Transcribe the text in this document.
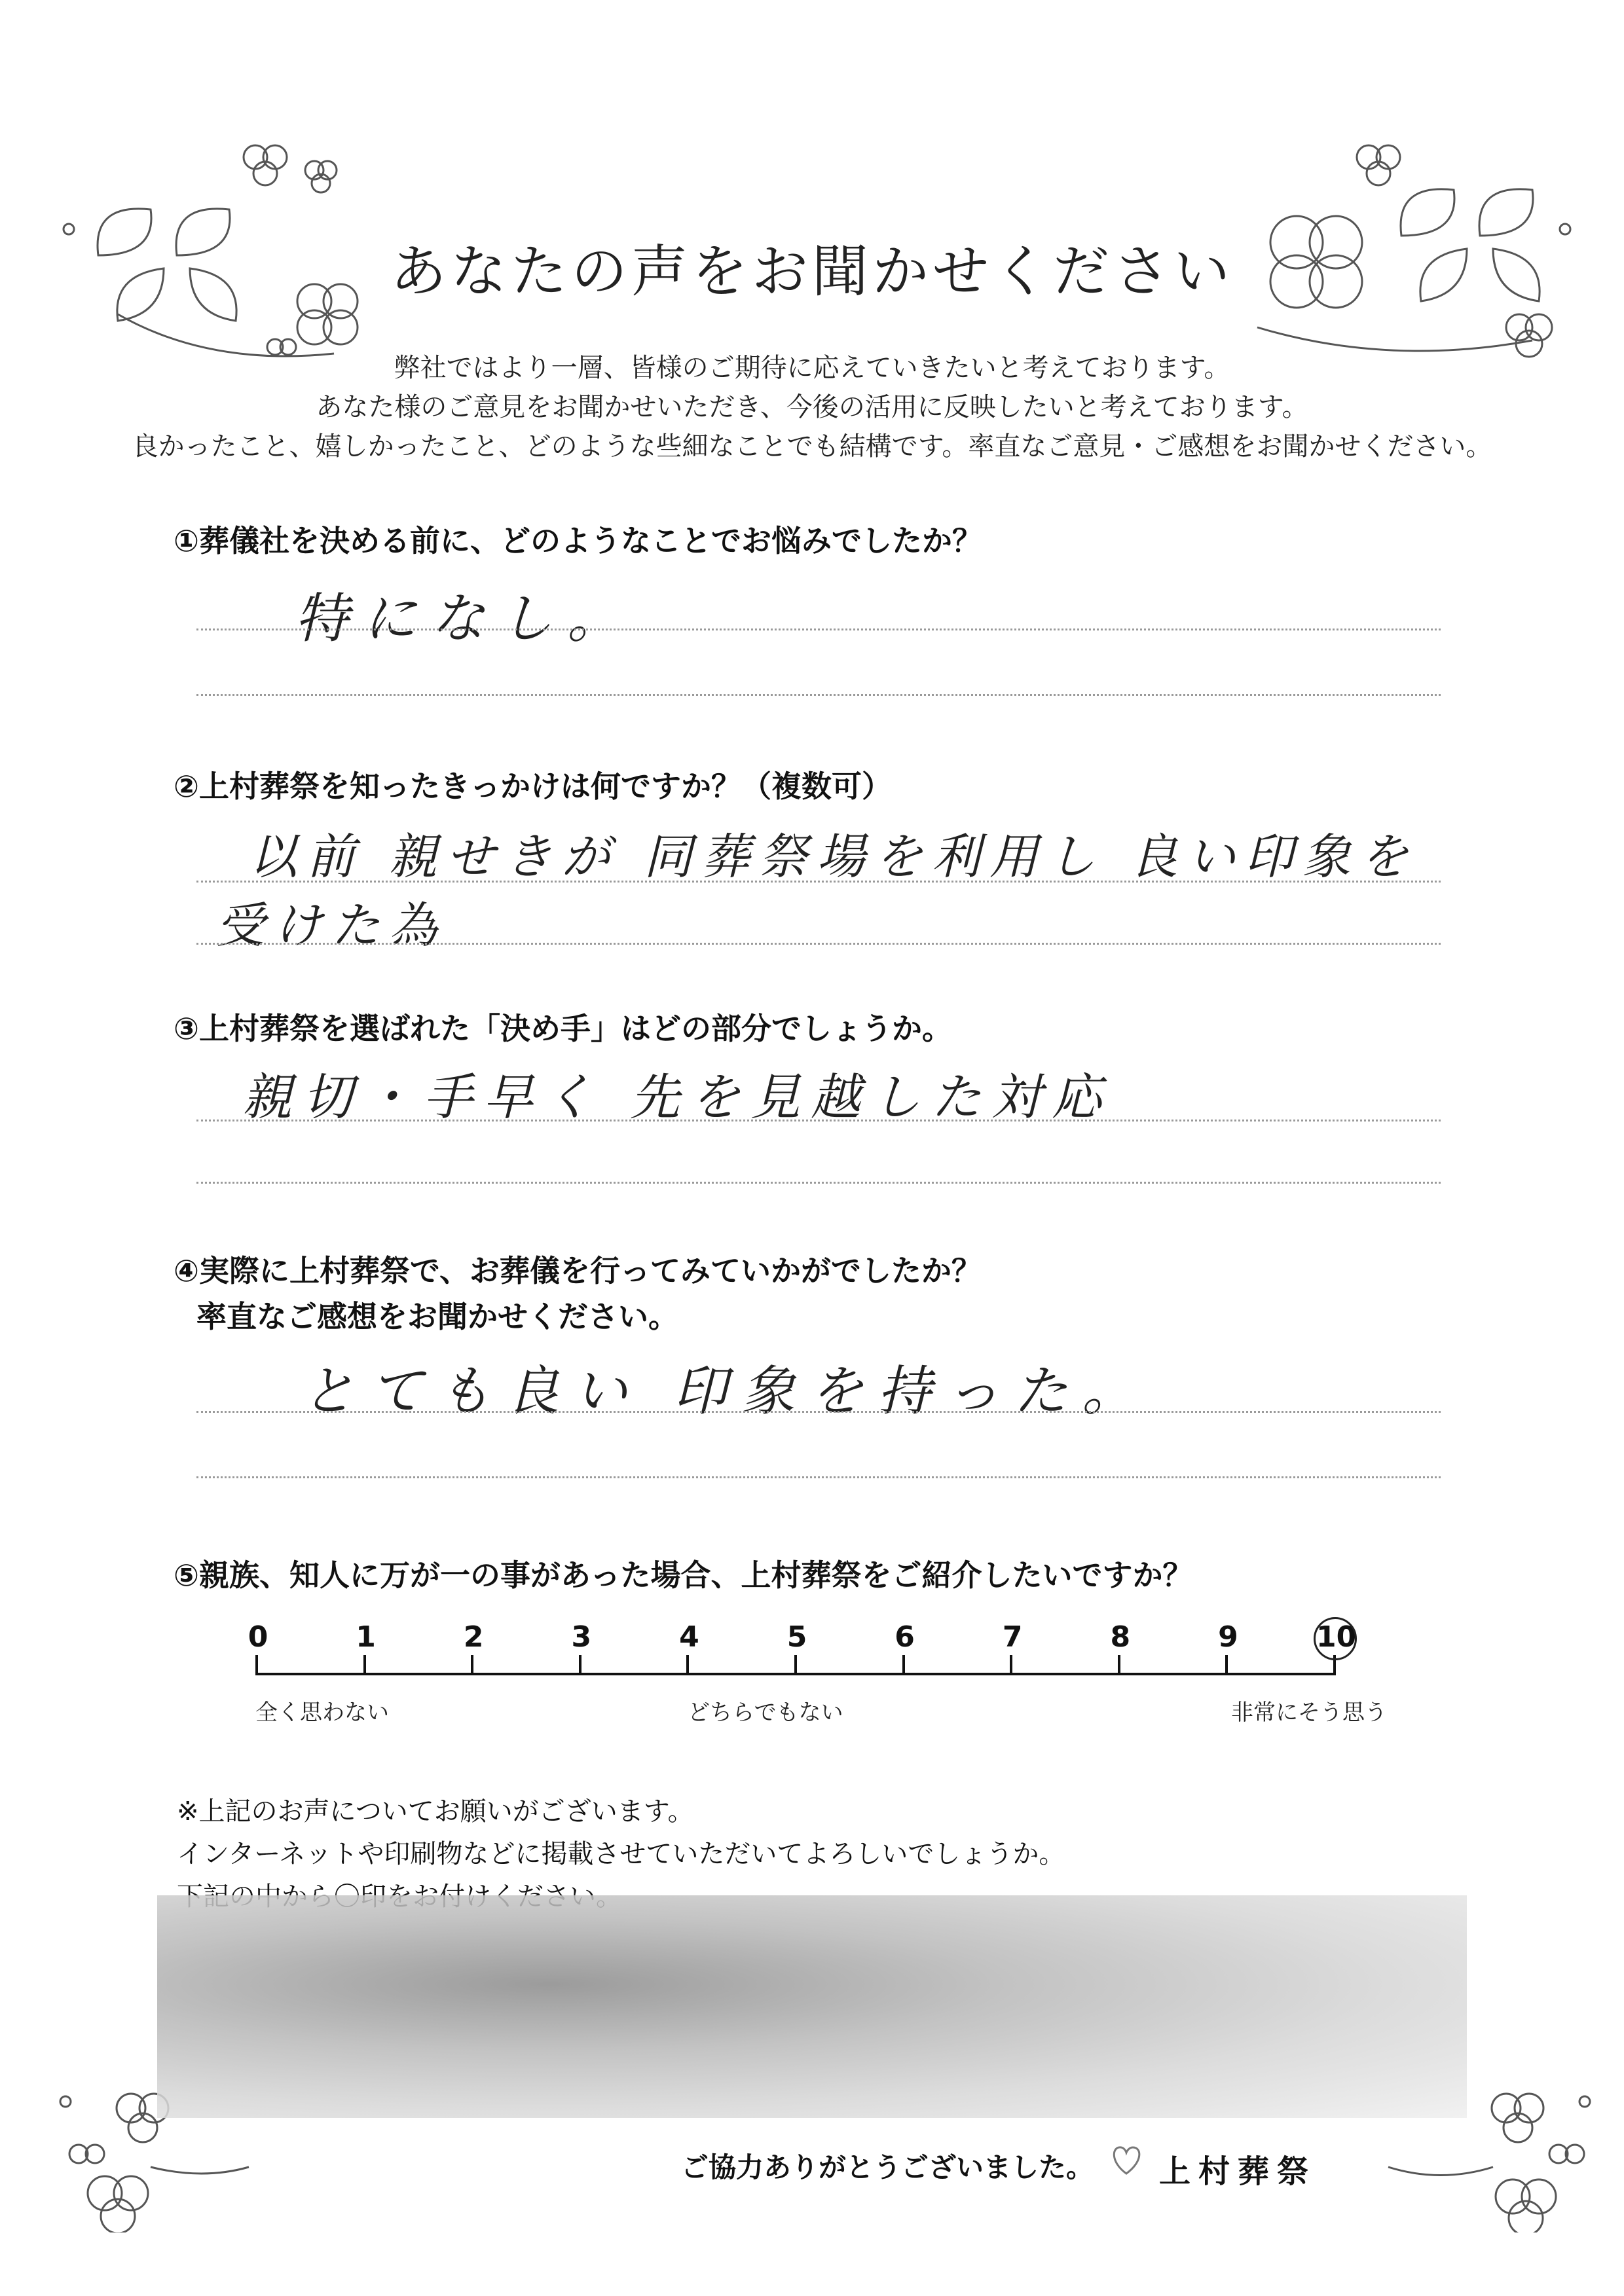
あなたの声をお聞かせください
弊社ではより一層、皆様のご期待に応えていきたいと考えております。
あなた様のご意見をお聞かせいただき、今後の活用に反映したいと考えております。
良かったこと、嬉しかったこと、どのような些細なことでも結構です。率直なご意見・ご感想をお聞かせください。
①葬儀社を決める前に、どのようなことでお悩みでしたか？
特になし。
②上村葬祭を知ったきっかけは何ですか？（複数可）
以前 親せきが 同葬祭場を利用し 良い印象を
受けた為
③上村葬祭を選ばれた「決め手」はどの部分でしょうか。
親切・手早く 先を見越した対応
④実際に上村葬祭で、お葬儀を行ってみていかがでしたか？
率直なご感想をお聞かせください。
とても良い 印象を持った。
⑤親族、知人に万が一の事があった場合、上村葬祭をご紹介したいですか？
0	1	2	3	4	5	6	7	8	9	10
全く思わない	どちらでもない	非常にそう思う
※上記のお声についてお願いがございます。
インターネットや印刷物などに掲載させていただいてよろしいでしょうか。
ご協力ありがとうございました。 上村葬祭
